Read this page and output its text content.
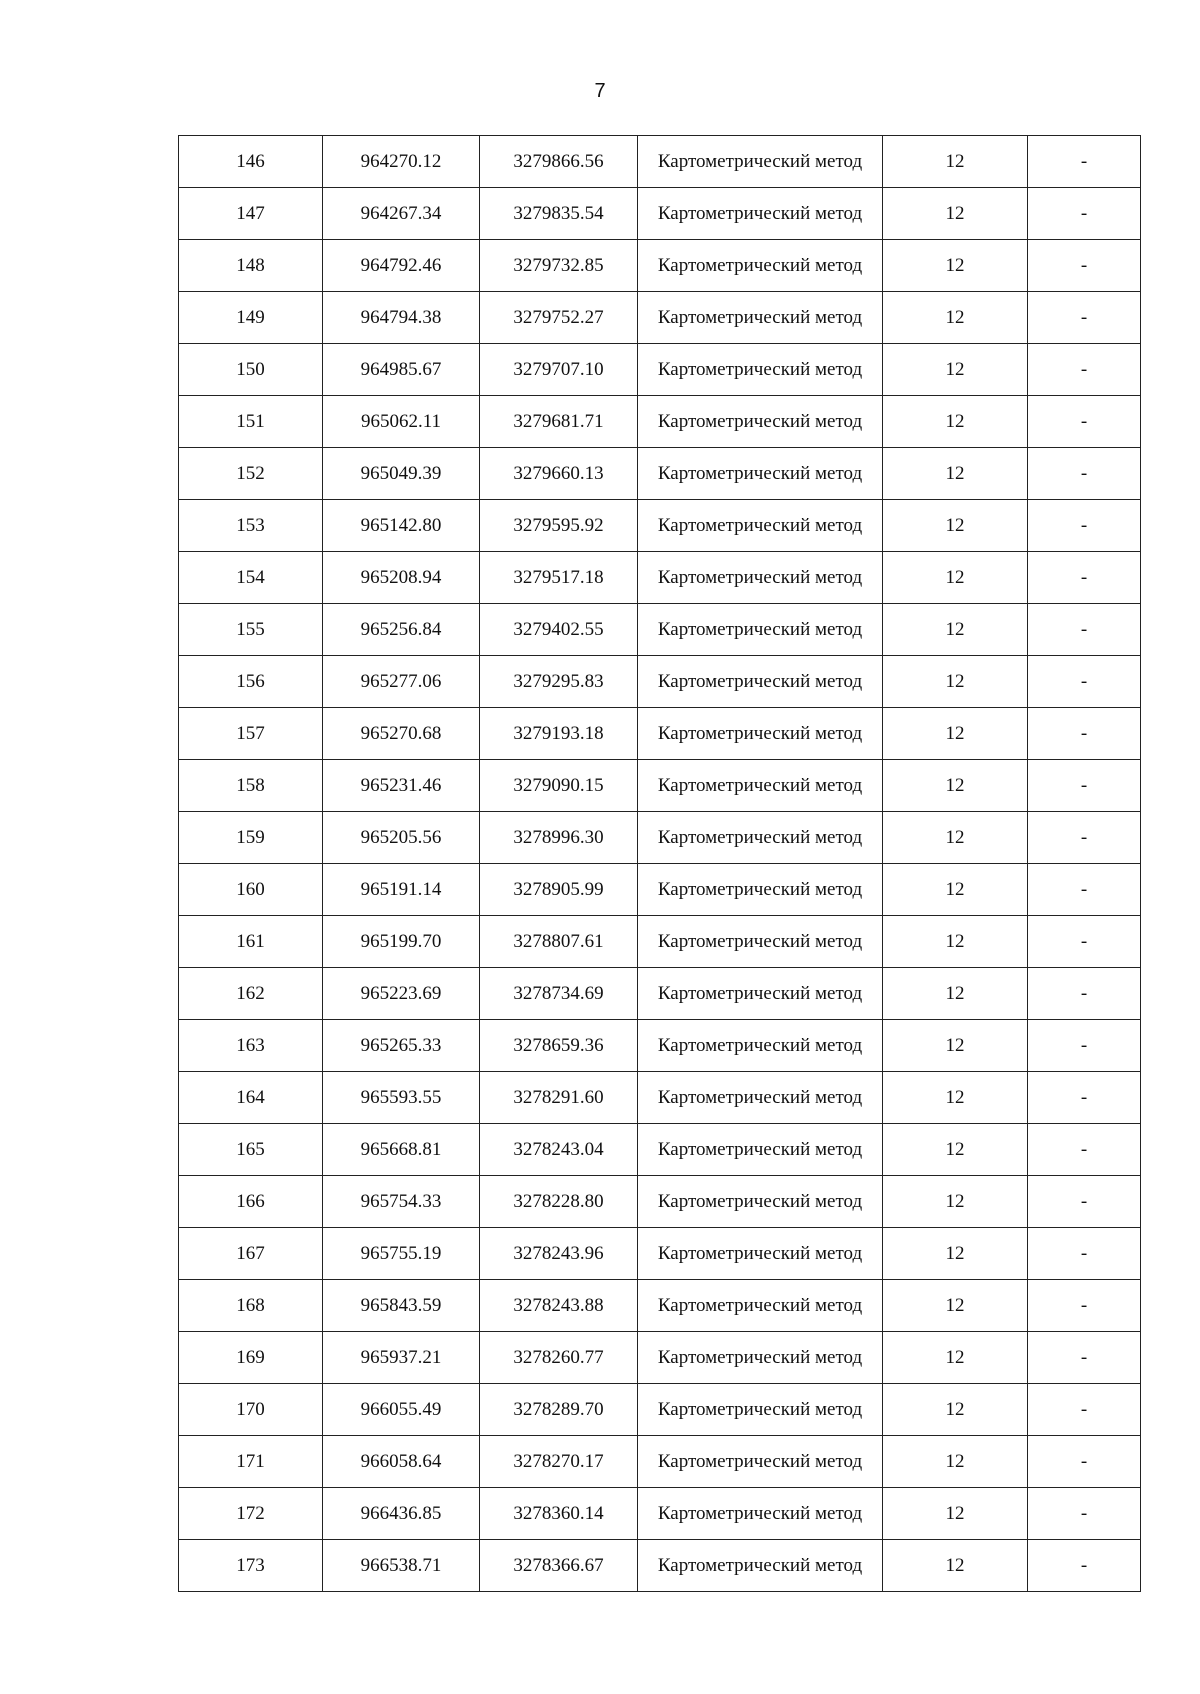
7
146	964270.12	3279866.56	Картометрический метод	12	-
147	964267.34	3279835.54	Картометрический метод	12	-
148	964792.46	3279732.85	Картометрический метод	12	-
149	964794.38	3279752.27	Картометрический метод	12	-
150	964985.67	3279707.10	Картометрический метод	12	-
151	965062.11	3279681.71	Картометрический метод	12	-
152	965049.39	3279660.13	Картометрический метод	12	-
153	965142.80	3279595.92	Картометрический метод	12	-
154	965208.94	3279517.18	Картометрический метод	12	-
155	965256.84	3279402.55	Картометрический метод	12	-
156	965277.06	3279295.83	Картометрический метод	12	-
157	965270.68	3279193.18	Картометрический метод	12	-
158	965231.46	3279090.15	Картометрический метод	12	-
159	965205.56	3278996.30	Картометрический метод	12	-
160	965191.14	3278905.99	Картометрический метод	12	-
161	965199.70	3278807.61	Картометрический метод	12	-
162	965223.69	3278734.69	Картометрический метод	12	-
163	965265.33	3278659.36	Картометрический метод	12	-
164	965593.55	3278291.60	Картометрический метод	12	-
165	965668.81	3278243.04	Картометрический метод	12	-
166	965754.33	3278228.80	Картометрический метод	12	-
167	965755.19	3278243.96	Картометрический метод	12	-
168	965843.59	3278243.88	Картометрический метод	12	-
169	965937.21	3278260.77	Картометрический метод	12	-
170	966055.49	3278289.70	Картометрический метод	12	-
171	966058.64	3278270.17	Картометрический метод	12	-
172	966436.85	3278360.14	Картометрический метод	12	-
173	966538.71	3278366.67	Картометрический метод	12	-
